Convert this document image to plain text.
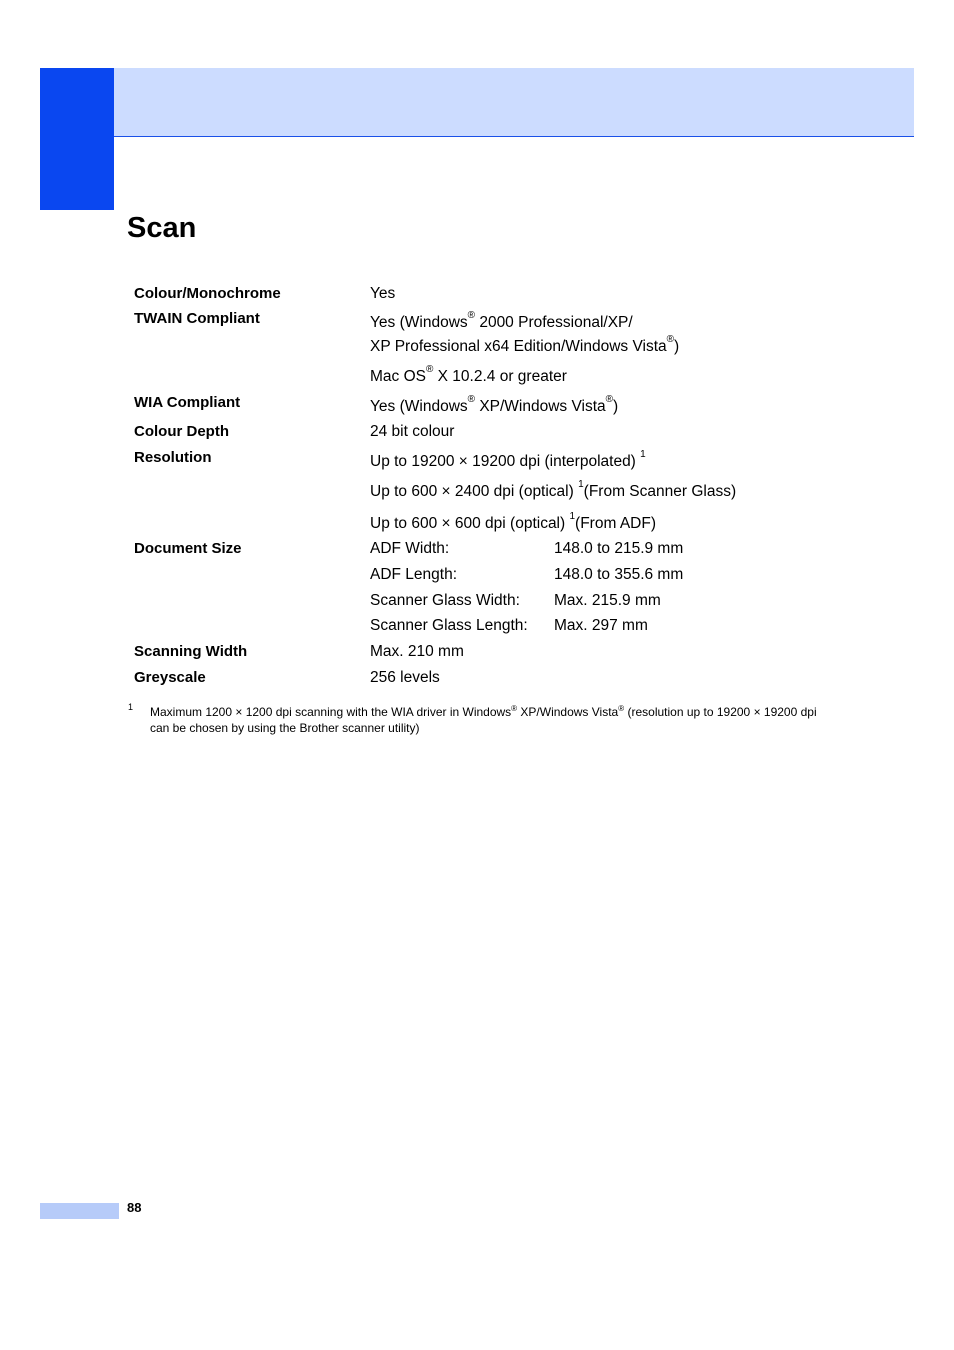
Scan
Colour/Monochrome	Yes
TWAIN Compliant	Yes (Windows® 2000 Professional/XP/
XP Professional x64 Edition/Windows Vista®)
Mac OS® X 10.2.4 or greater
WIA Compliant	Yes (Windows® XP/Windows Vista®)
Colour Depth	24 bit colour
Resolution	Up to 19200 × 19200 dpi (interpolated) $^1$
Up to 600 × 2400 dpi (optical) $^1$(From Scanner Glass)
Up to 600 × 600 dpi (optical) $^1$(From ADF)
Document Size	ADF Width:	148.0 to 215.9 mm
ADF Length:	148.0 to 355.6 mm
Scanner Glass Width: Max. 215.9 mm
Scanner Glass Length: Max. 297 mm
Scanning Width	Max. 210 mm
Greyscale	256 levels
1 Maximum 1200 × 1200 dpi scanning with the WIA driver in Windows® XP/Windows Vista® (resolution up to 19200 × 19200 dpi can be chosen by using the Brother scanner utility)
88
